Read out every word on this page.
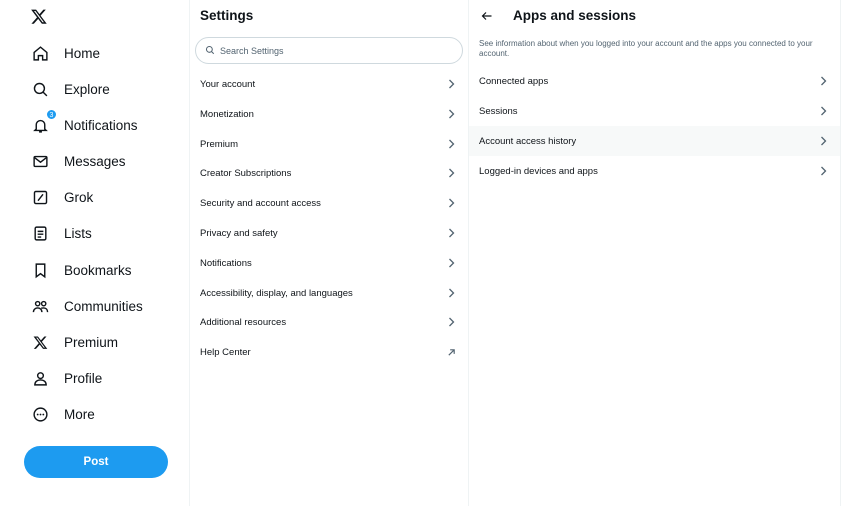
Home
Explore
3
Notifications
Messages
Grok
Lists
Bookmarks
Communities
Premium
Profile
More
Post
Settings
Search Settings
Your account
Monetization
Premium
Creator Subscriptions
Security and account access
Privacy and safety
Notifications
Accessibility, display, and languages
Additional resources
Help Center
Apps and sessions
See information about when you logged into your account and the apps you connected to your account.
Connected apps
Sessions
Account access history
Logged-in devices and apps
